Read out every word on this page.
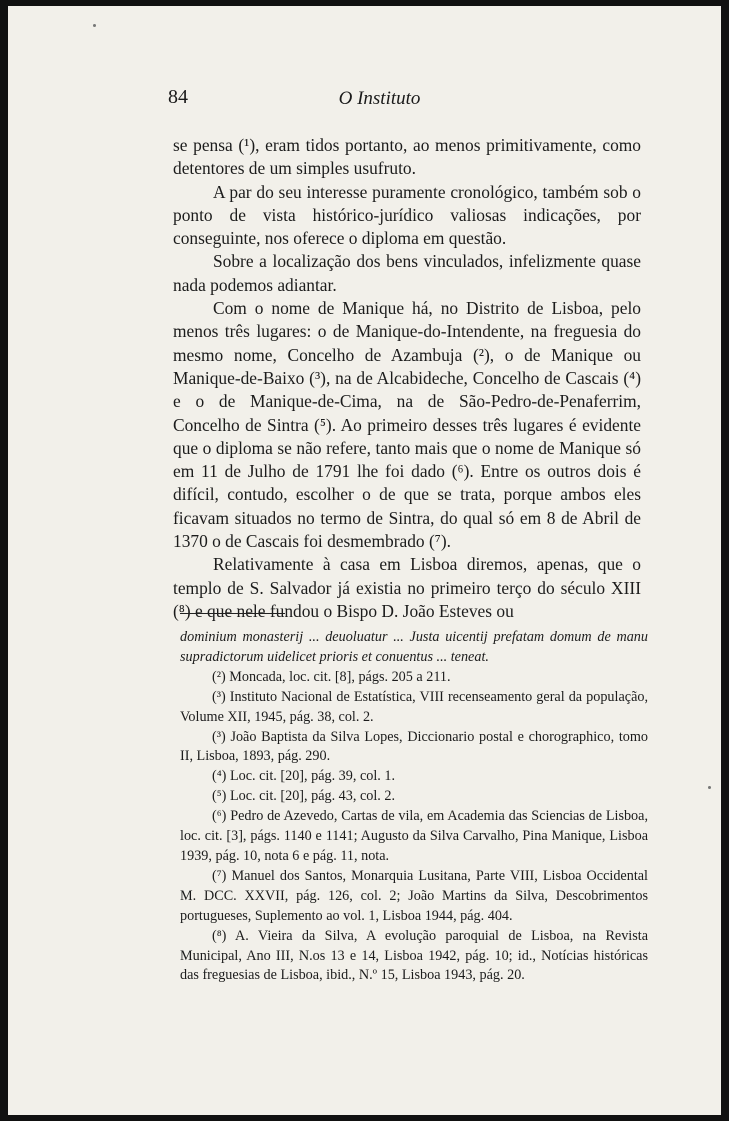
84	O Instituto

se pensa (¹), eram tidos portanto, ao menos primitivamente, como detentores de um simples usufruto.

A par do seu interesse puramente cronológico, também sob o ponto de vista histórico-jurídico valiosas indicações, por conseguinte, nos oferece o diploma em questão.

Sobre a localização dos bens vinculados, infelizmente quase nada podemos adiantar.

Com o nome de Manique há, no Distrito de Lisboa, pelo menos três lugares: o de Manique-do-Intendente, na freguesia do mesmo nome, Concelho de Azambuja (²), o de Manique ou Manique-de-Baixo (³), na de Alcabideche, Concelho de Cascais (⁴) e o de Manique-de-Cima, na de São-Pedro-de-Penaferrim, Concelho de Sintra (⁵). Ao primeiro desses três lugares é evidente que o diploma se não refere, tanto mais que o nome de Manique só em 11 de Julho de 1791 lhe foi dado (⁶). Entre os outros dois é difícil, contudo, escolher o de que se trata, porque ambos eles ficavam situados no termo de Sintra, do qual só em 8 de Abril de 1370 o de Cascais foi desmembrado (⁷).

Relativamente à casa em Lisboa diremos, apenas, que o templo de S. Salvador já existia no primeiro terço do século XIII (⁸) e que nele fundou o Bispo D. João Esteves ou

dominium monasterij ... deuoluatur ... Justa uicentij prefatam domum de manu supradictorum uidelicet prioris et conuentus ... teneat.

(²) Moncada, loc. cit. [8], págs. 205 a 211.

(³) Instituto Nacional de Estatística, VIII recenseamento geral da população, Volume XII, 1945, pág. 38, col. 2.

(³) João Baptista da Silva Lopes, Diccionario postal e chorographico, tomo II, Lisboa, 1893, pág. 290.

(⁴) Loc. cit. [20], pág. 39, col. 1.

(⁵) Loc. cit. [20], pág. 43, col. 2.

(⁶) Pedro de Azevedo, Cartas de vila, em Academia das Sciencias de Lisboa, loc. cit. [3], págs. 1140 e 1141; Augusto da Silva Carvalho, Pina Manique, Lisboa 1939, pág. 10, nota 6 e pág. 11, nota.

(⁷) Manuel dos Santos, Monarquia Lusitana, Parte VIII, Lisboa Occidental M. DCC. XXVII, pág. 126, col. 2; João Martins da Silva, Descobrimentos portugueses, Suplemento ao vol. 1, Lisboa 1944, pág. 404.

(⁸) A. Vieira da Silva, A evolução paroquial de Lisboa, na Revista Municipal, Ano III, N.os 13 e 14, Lisboa 1942, pág. 10; id., Notícias históricas das freguesias de Lisboa, ibid., N.º 15, Lisboa 1943, pág. 20.
